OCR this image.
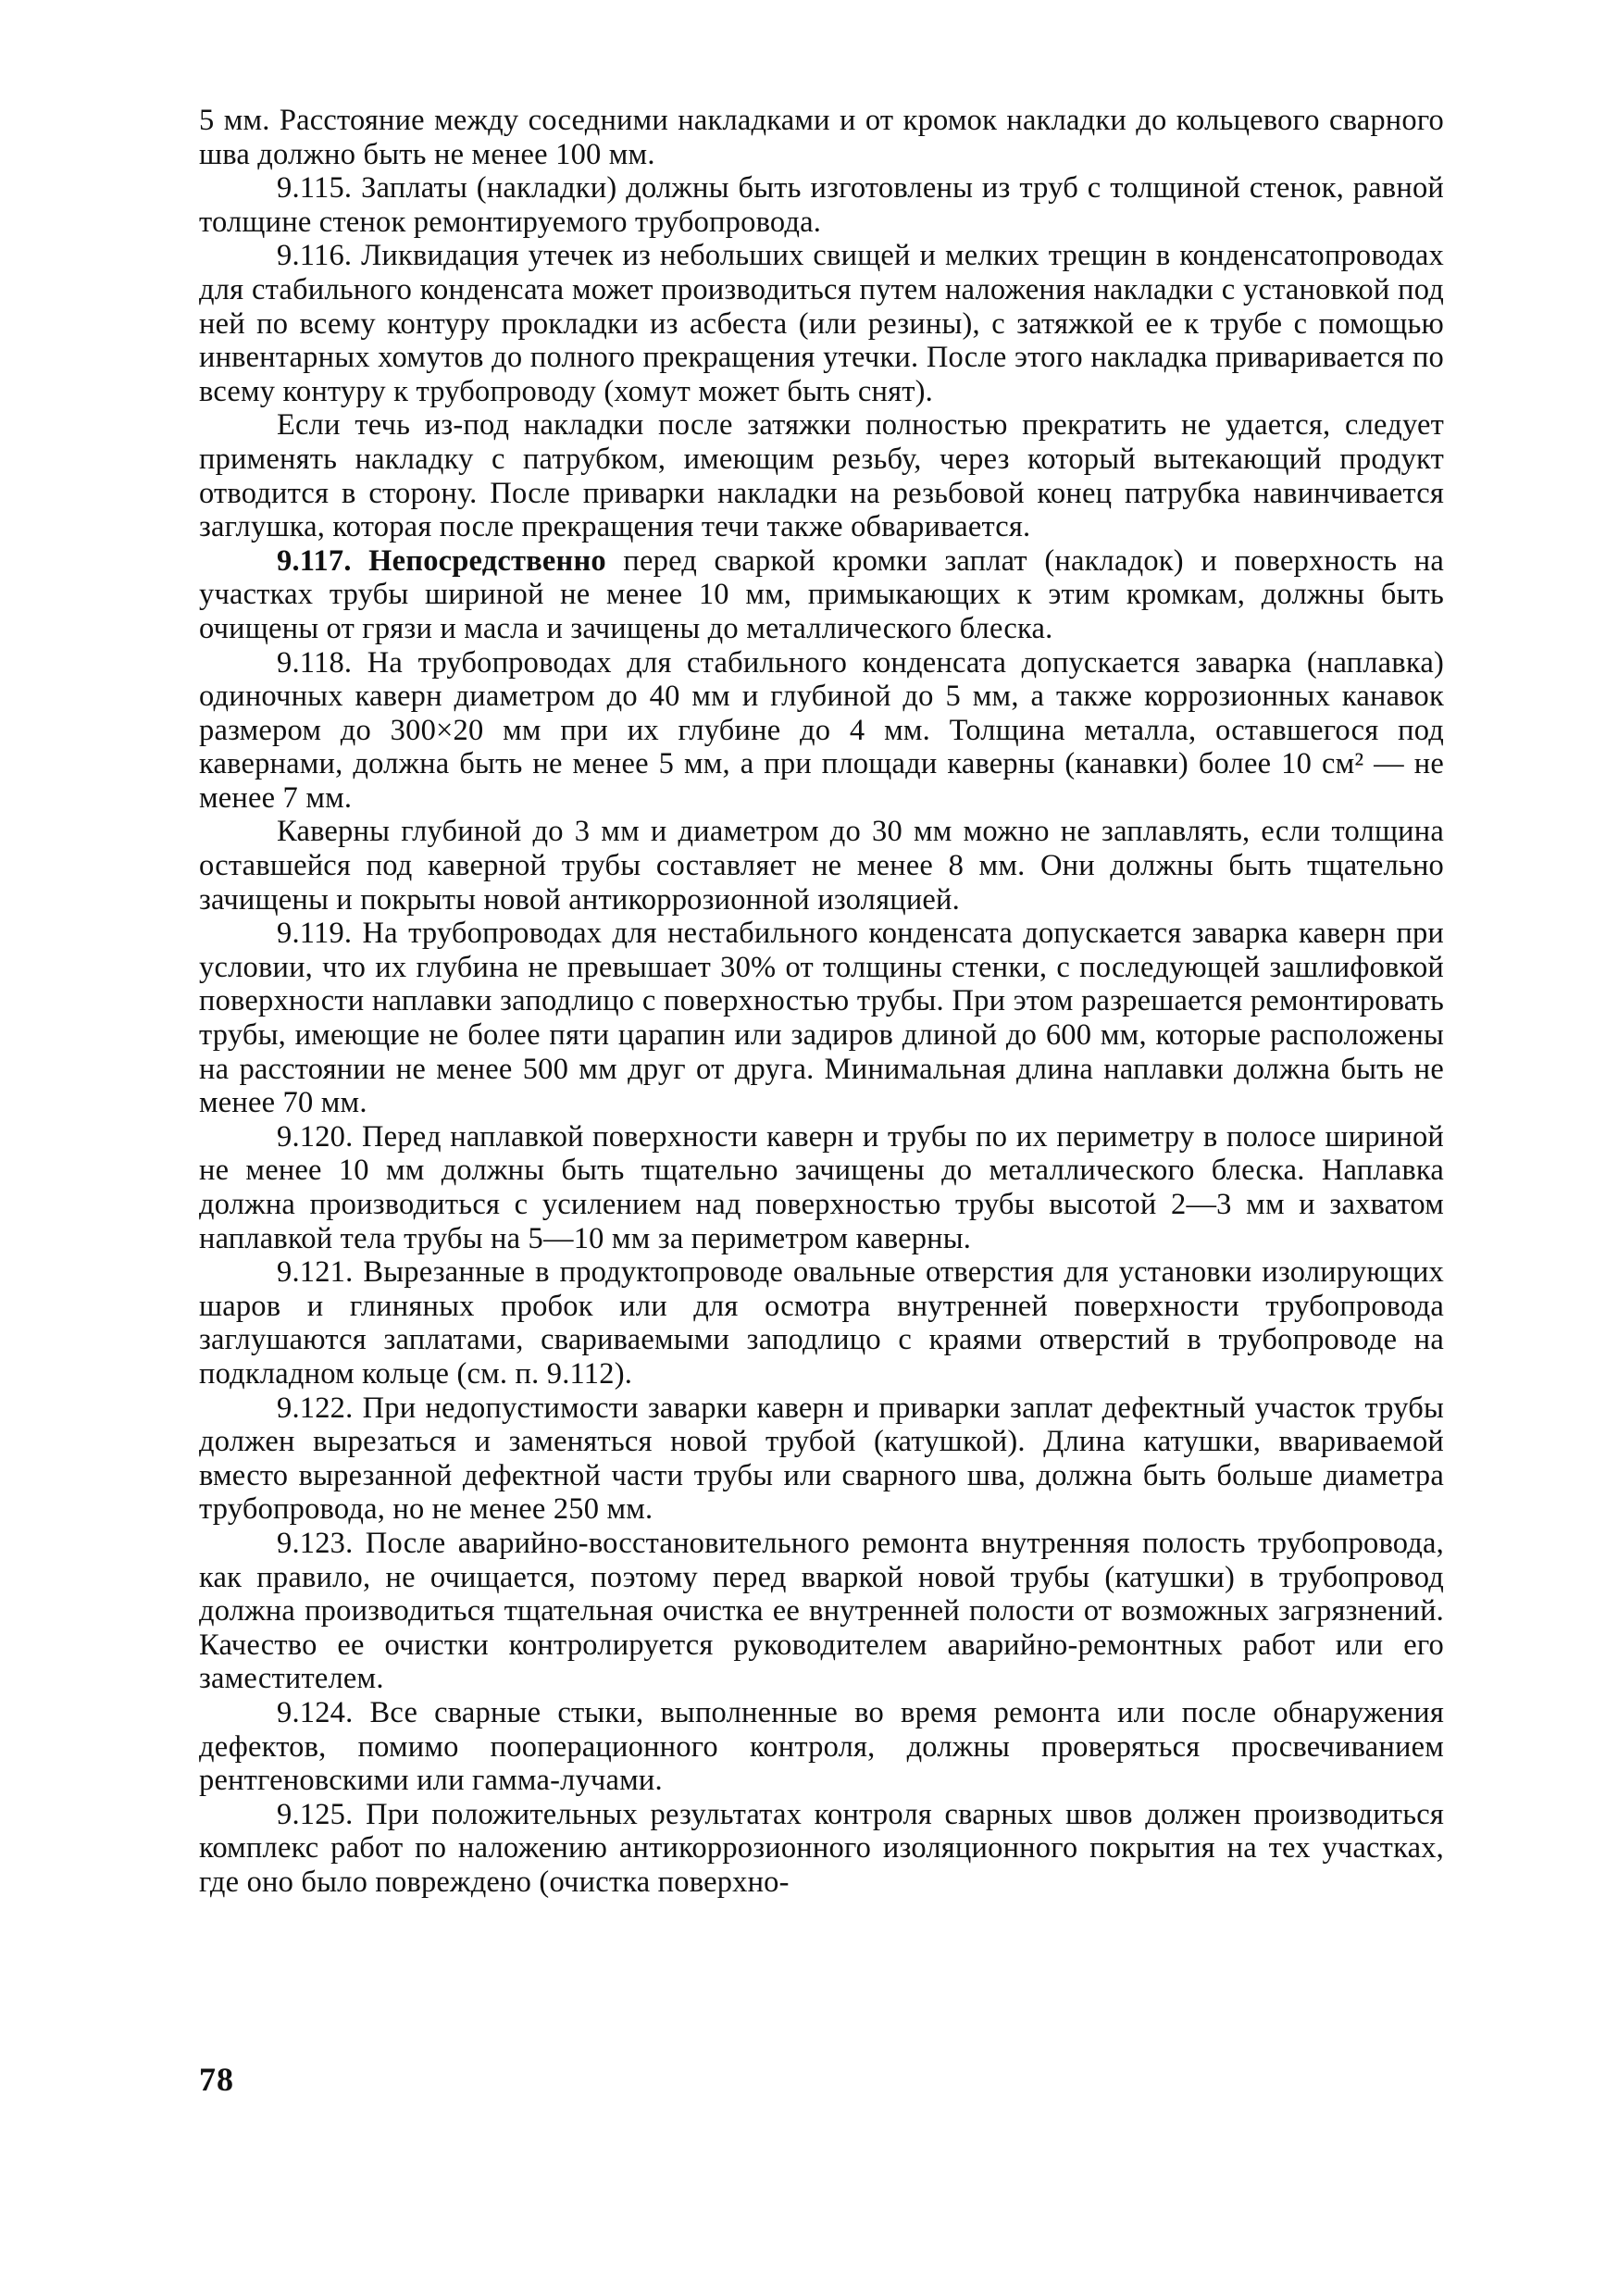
5 мм. Расстояние между соседними накладками и от кромок накладки до кольцевого сварного шва должно быть не менее 100 мм.

9.115. Заплаты (накладки) должны быть изготовлены из труб с толщиной стенок, равной толщине стенок ремонтируемого трубопровода.

9.116. Ликвидация утечек из небольших свищей и мелких трещин в конденсатопроводах для стабильного конденсата может производиться путем наложения накладки с установкой под ней по всему контуру прокладки из асбеста (или резины), с затяжкой ее к трубе с помощью инвентарных хомутов до полного прекращения утечки. После этого накладка приваривается по всему контуру к трубопроводу (хомут может быть снят).

Если течь из-под накладки после затяжки полностью прекратить не удается, следует применять накладку с патрубком, имеющим резьбу, через который вытекающий продукт отводится в сторону. После приварки накладки на резьбовой конец патрубка навинчивается заглушка, которая после прекращения течи также обваривается.

9.117. Непосредственно перед сваркой кромки заплат (накладок) и поверхность на участках трубы шириной не менее 10 мм, примыкающих к этим кромкам, должны быть очищены от грязи и масла и зачищены до металлического блеска.

9.118. На трубопроводах для стабильного конденсата допускается заварка (наплавка) одиночных каверн диаметром до 40 мм и глубиной до 5 мм, а также коррозионных канавок размером до 300×20 мм при их глубине до 4 мм. Толщина металла, оставшегося под кавернами, должна быть не менее 5 мм, а при площади каверны (канавки) более 10 см² — не менее 7 мм.

Каверны глубиной до 3 мм и диаметром до 30 мм можно не заплавлять, если толщина оставшейся под каверной трубы составляет не менее 8 мм. Они должны быть тщательно зачищены и покрыты новой антикоррозионной изоляцией.

9.119. На трубопроводах для нестабильного конденсата допускается заварка каверн при условии, что их глубина не превышает 30% от толщины стенки, с последующей зашлифовкой поверхности наплавки заподлицо с поверхностью трубы. При этом разрешается ремонтировать трубы, имеющие не более пяти царапин или задиров длиной до 600 мм, которые расположены на расстоянии не менее 500 мм друг от друга. Минимальная длина наплавки должна быть не менее 70 мм.

9.120. Перед наплавкой поверхности каверн и трубы по их периметру в полосе шириной не менее 10 мм должны быть тщательно зачищены до металлического блеска. Наплавка должна производиться с усилением над поверхностью трубы высотой 2—3 мм и захватом наплавкой тела трубы на 5—10 мм за периметром каверны.

9.121. Вырезанные в продуктопроводе овальные отверстия для установки изолирующих шаров и глиняных пробок или для осмотра внутренней поверхности трубопровода заглушаются заплатами, свариваемыми заподлицо с краями отверстий в трубопроводе на подкладном кольце (см. п. 9.112).

9.122. При недопустимости заварки каверн и приварки заплат дефектный участок трубы должен вырезаться и заменяться новой трубой (катушкой). Длина катушки, ввариваемой вместо вырезанной дефектной части трубы или сварного шва, должна быть больше диаметра трубопровода, но не менее 250 мм.

9.123. После аварийно-восстановительного ремонта внутренняя полость трубопровода, как правило, не очищается, поэтому перед вваркой новой трубы (катушки) в трубопровод должна производиться тщательная очистка ее внутренней полости от возможных загрязнений. Качество ее очистки контролируется руководителем аварийно-ремонтных работ или его заместителем.

9.124. Все сварные стыки, выполненные во время ремонта или после обнаружения дефектов, помимо пооперационного контроля, должны проверяться просвечиванием рентгеновскими или гамма-лучами.

9.125. При положительных результатах контроля сварных швов должен производиться комплекс работ по наложению антикоррозионного изоляционного покрытия на тех участках, где оно было повреждено (очистка поверхно-

78
